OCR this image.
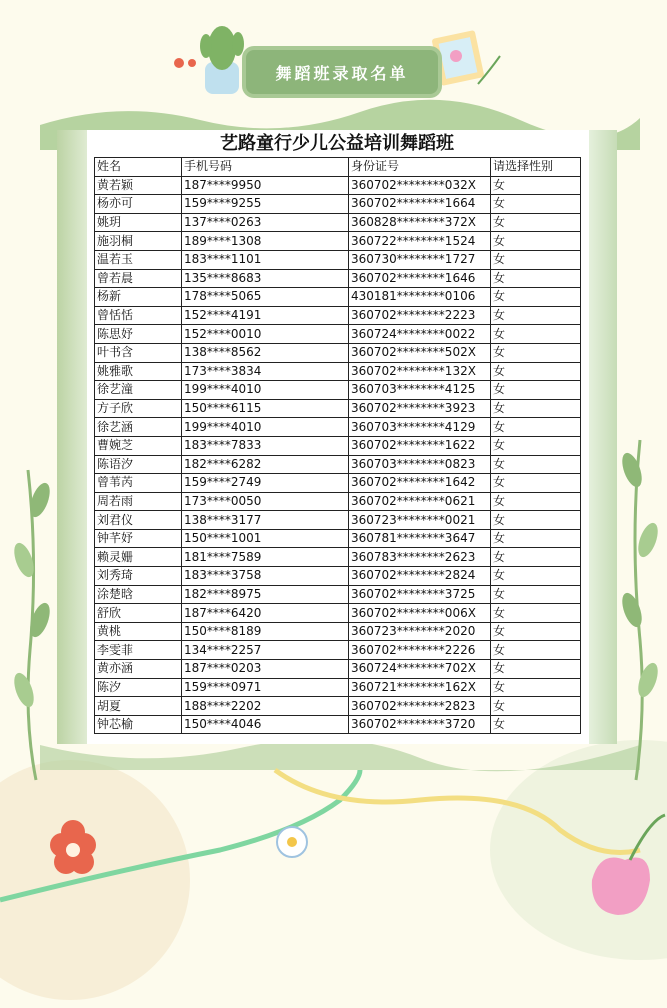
舞蹈班录取名单
艺路童行少儿公益培训舞蹈班
姓名	手机号码	身份证号	请选择性别
黄若颖	187****9950	360702********032X	女
杨亦可	159****9255	360702********1664	女
姚玥	137****0263	360828********372X	女
施羽桐	189****1308	360722********1524	女
温若玉	183****1101	360730********1727	女
曾若晨	135****8683	360702********1646	女
杨新	178****5065	430181********0106	女
曾恬恬	152****4191	360702********2223	女
陈思妤	152****0010	360724********0022	女
叶书含	138****8562	360702********502X	女
姚雅歌	173****3834	360702********132X	女
徐艺潼	199****4010	360703********4125	女
方子欣	150****6115	360702********3923	女
徐艺涵	199****4010	360703********4129	女
曹婉芝	183****7833	360702********1622	女
陈语汐	182****6282	360703********0823	女
曾苇芮	159****2749	360702********1642	女
周若雨	173****0050	360702********0621	女
刘君仪	138****3177	360723********0021	女
钟芊妤	150****1001	360781********3647	女
赖灵姗	181****7589	360783********2623	女
刘秀琦	183****3758	360702********2824	女
涂楚晗	182****8975	360702********3725	女
舒欣	187****6420	360702********006X	女
黄桃	150****8189	360723********2020	女
李雯菲	134****2257	360702********2226	女
黄亦涵	187****0203	360724********702X	女
陈汐	159****0971	360721********162X	女
胡夏	188****2202	360702********2823	女
钟芯榆	150****4046	360702********3720	女
